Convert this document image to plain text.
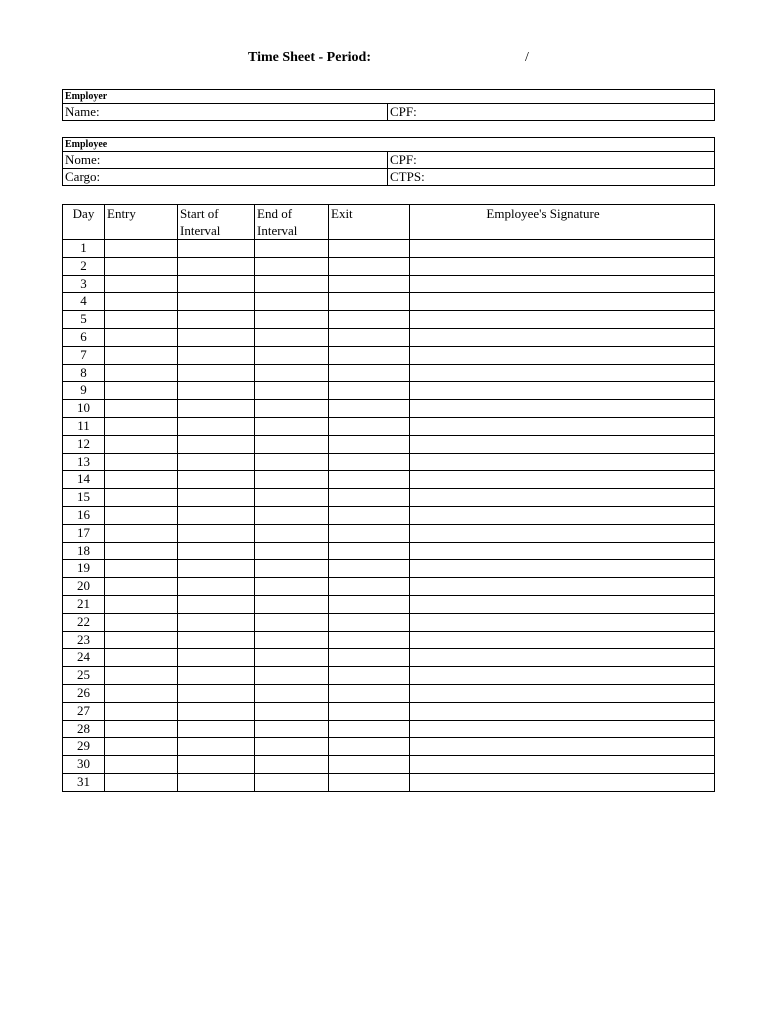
Time Sheet - Period:	/
Employer
Name:	CPF:
Employee	
Nome:	CPF:
Cargo:	CTPS:
Day	Entry	Start of Interval	End of Interval	Exit	Employee's Signature
1					
2					
3					
4					
5					
6					
7					
8					
9					
10					
11					
12					
13					
14					
15					
16					
17					
18					
19					
20					
21					
22					
23					
24					
25					
26					
27					
28					
29					
30					
31					
